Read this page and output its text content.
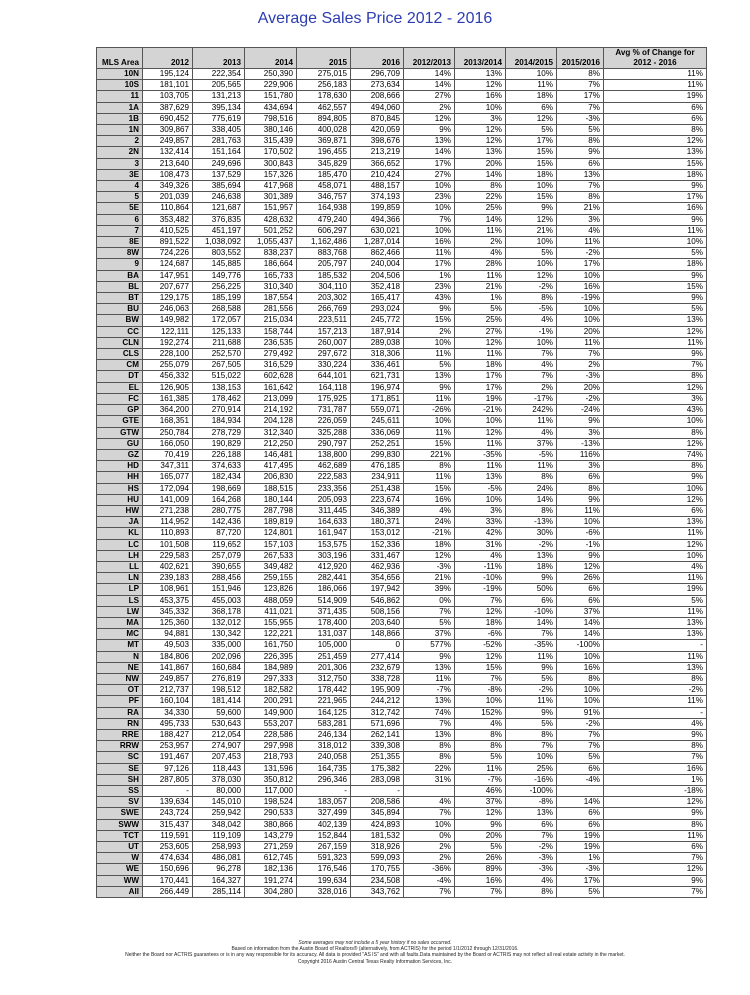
Average Sales Price 2012 - 2016
MLS Area	2012	2013	2014	2015	2016	2012/2013	2013/2014	2014/2015	2015/2016	Avg % of Change for 2012 - 2016
10N	195,124	222,354	250,390	275,015	296,709	14%	13%	10%	8%	11%
10S	181,101	205,565	229,906	256,183	273,634	14%	12%	11%	7%	11%
11	103,705	131,213	151,780	178,630	208,666	27%	16%	18%	17%	19%
1A	387,629	395,134	434,694	462,557	494,060	2%	10%	6%	7%	6%
1B	690,452	775,619	798,516	894,805	870,845	12%	3%	12%	-3%	6%
1N	309,867	338,405	380,146	400,028	420,059	9%	12%	5%	5%	8%
2	249,857	281,763	315,439	369,871	398,676	13%	12%	17%	8%	12%
2N	132,414	151,164	170,502	196,455	213,219	14%	13%	15%	9%	13%
3	213,640	249,696	300,843	345,829	366,652	17%	20%	15%	6%	15%
3E	108,473	137,529	157,326	185,470	210,424	27%	14%	18%	13%	18%
4	349,326	385,694	417,968	458,071	488,157	10%	8%	10%	7%	9%
5	201,039	246,638	301,389	346,757	374,193	23%	22%	15%	8%	17%
5E	110,864	121,687	151,957	164,938	199,859	10%	25%	9%	21%	16%
6	353,482	376,835	428,632	479,240	494,366	7%	14%	12%	3%	9%
7	410,525	451,197	501,252	606,297	630,021	10%	11%	21%	4%	11%
8E	891,522	1,038,092	1,055,437	1,162,486	1,287,014	16%	2%	10%	11%	10%
8W	724,226	803,552	838,237	883,768	862,466	11%	4%	5%	-2%	5%
9	124,687	145,885	186,664	205,797	240,004	17%	28%	10%	17%	18%
BA	147,951	149,776	165,733	185,532	204,506	1%	11%	12%	10%	9%
BL	207,677	256,225	310,340	304,110	352,418	23%	21%	-2%	16%	15%
BT	129,175	185,199	187,554	203,302	165,417	43%	1%	8%	-19%	9%
BU	246,063	268,588	281,556	266,769	293,024	9%	5%	-5%	10%	5%
BW	149,982	172,057	215,034	223,511	245,772	15%	25%	4%	10%	13%
CC	122,111	125,133	158,744	157,213	187,914	2%	27%	-1%	20%	12%
CLN	192,274	211,688	236,535	260,007	289,038	10%	12%	10%	11%	11%
CLS	228,100	252,570	279,492	297,672	318,306	11%	11%	7%	7%	9%
CM	255,079	267,505	316,529	330,224	336,461	5%	18%	4%	2%	7%
DT	456,332	515,022	602,628	644,101	621,731	13%	17%	7%	-3%	8%
EL	126,905	138,153	161,642	164,118	196,974	9%	17%	2%	20%	12%
FC	161,385	178,462	213,099	175,925	171,851	11%	19%	-17%	-2%	3%
GP	364,200	270,914	214,192	731,787	559,071	-26%	-21%	242%	-24%	43%
GTE	168,351	184,934	204,128	226,059	245,611	10%	10%	11%	9%	10%
GTW	250,784	278,729	312,340	325,288	336,069	11%	12%	4%	3%	8%
GU	166,050	190,829	212,250	290,797	252,251	15%	11%	37%	-13%	12%
GZ	70,419	226,188	146,481	138,800	299,830	221%	-35%	-5%	116%	74%
HD	347,311	374,633	417,495	462,689	476,185	8%	11%	11%	3%	8%
HH	165,077	182,434	206,830	222,583	234,911	11%	13%	8%	6%	9%
HS	172,094	198,669	188,515	233,356	251,438	15%	-5%	24%	8%	10%
HU	141,009	164,268	180,144	205,093	223,674	16%	10%	14%	9%	12%
HW	271,238	280,775	287,798	311,445	346,389	4%	3%	8%	11%	6%
JA	114,952	142,436	189,819	164,633	180,371	24%	33%	-13%	10%	13%
KL	110,893	87,720	124,801	161,947	153,012	-21%	42%	30%	-6%	11%
LC	101,508	119,652	157,103	153,575	152,336	18%	31%	-2%	-1%	12%
LH	229,583	257,079	267,533	303,196	331,467	12%	4%	13%	9%	10%
LL	402,621	390,655	349,482	412,920	462,936	-3%	-11%	18%	12%	4%
LN	239,183	288,456	259,155	282,441	354,656	21%	-10%	9%	26%	11%
LP	108,961	151,946	123,826	186,066	197,942	39%	-19%	50%	6%	19%
LS	453,375	455,003	488,059	514,909	546,862	0%	7%	6%	6%	5%
LW	345,332	368,178	411,021	371,435	508,156	7%	12%	-10%	37%	11%
MA	125,360	132,012	155,955	178,400	203,640	5%	18%	14%	14%	13%
MC	94,881	130,342	122,221	131,037	148,866	37%	-6%	7%	14%	13%
MT	49,503	335,000	161,750	105,000	0	577%	-52%	-35%	-100%	-
N	184,806	202,096	226,395	251,459	277,414	9%	12%	11%	10%	11%
NE	141,867	160,684	184,989	201,306	232,679	13%	15%	9%	16%	13%
NW	249,857	276,819	297,333	312,750	338,728	11%	7%	5%	8%	8%
OT	212,737	198,512	182,582	178,442	195,909	-7%	-8%	-2%	10%	-2%
PF	160,104	181,414	200,291	221,965	244,212	13%	10%	11%	10%	11%
RA	34,330	59,600	149,900	164,125	312,742	74%	152%	9%	91%	-
RN	495,733	530,643	553,207	583,281	571,696	7%	4%	5%	-2%	4%
RRE	188,427	212,054	228,586	246,134	262,141	13%	8%	8%	7%	9%
RRW	253,957	274,907	297,998	318,012	339,308	8%	8%	7%	7%	8%
SC	191,467	207,453	218,793	240,058	251,355	8%	5%	10%	5%	7%
SE	97,126	118,443	131,596	164,735	175,382	22%	11%	25%	6%	16%
SH	287,805	378,030	350,812	296,346	283,098	31%	-7%	-16%	-4%	1%
SS	-	80,000	117,000	-	-		46%	-100%		-18%
SV	139,634	145,010	198,524	183,057	208,586	4%	37%	-8%	14%	12%
SWE	243,724	259,942	290,533	327,499	345,894	7%	12%	13%	6%	9%
SWW	315,437	348,042	380,866	402,139	424,893	10%	9%	6%	6%	8%
TCT	119,591	119,109	143,279	152,844	181,532	0%	20%	7%	19%	11%
UT	253,605	258,993	271,259	267,159	318,926	2%	5%	-2%	19%	6%
W	474,634	486,081	612,745	591,323	599,093	2%	26%	-3%	1%	7%
WE	150,696	96,278	182,136	176,546	170,755	-36%	89%	-3%	-3%	12%
WW	170,441	164,327	191,274	199,634	234,508	-4%	16%	4%	17%	9%
All	266,449	285,114	304,280	328,016	343,762	7%	7%	8%	5%	7%
Some averages may not include a 5 year history if no sales occurred.
Based on information from the Austin Board of Realtors® (alternatively, from ACTRIS) for the period 1/1/2012 through 12/31/2016.
Neither the Board nor ACTRIS guarantees or is in any way responsible for its accuracy. All data is provided "AS IS" and with all faults.Data maintained by the Board or ACTRIS may not reflect all real estate activity in the market.
Copyright 2016 Austin Central Texas Realty Information Services, Inc.
